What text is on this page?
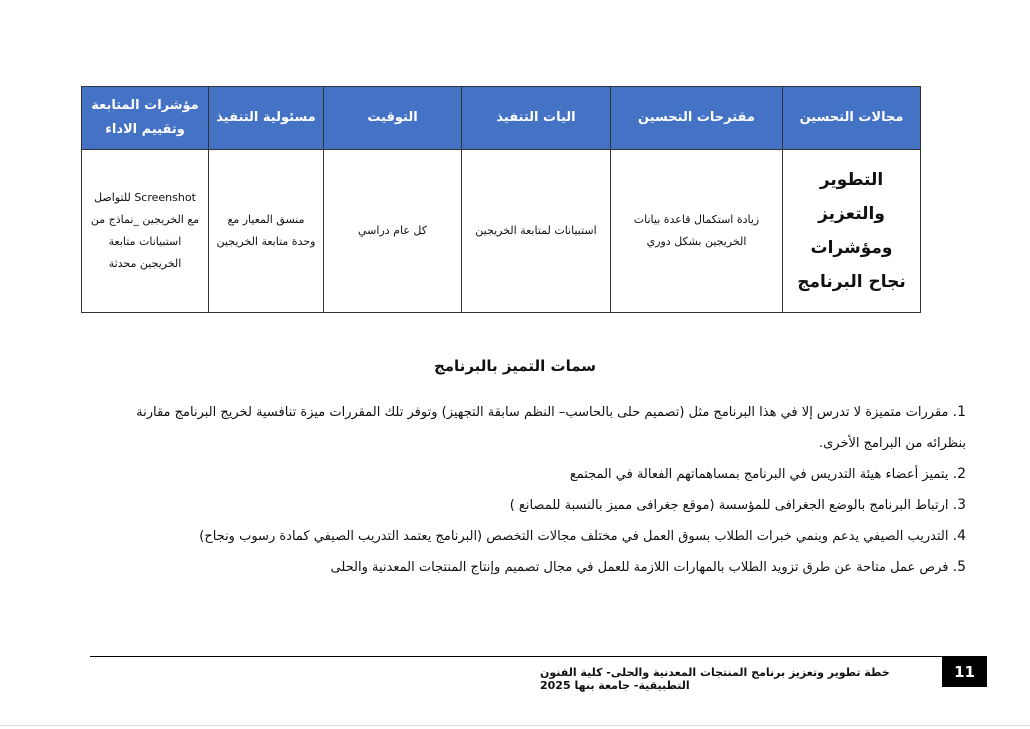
مجالات التحسين	مقترحات التحسين	اليات التنفيذ	التوقيت	مسئولية التنفيذ	مؤشرات المتابعة وتقييم الاداء
التطوير والتعزيز ومؤشرات نجاح البرنامج	زيادة استكمال قاعدة بيانات الخريجين بشكل دوري	استبيانات لمتابعة الخريجين	كل عام دراسي	منسق المعيار مع وحدة متابعة الخريجين	Screenshot للتواصل مع الخريجين _نماذج من استبيانات متابعة الخريجين محدثة
سمات التميز بالبرنامج
1. مقررات متميزة لا تدرس إلا في هذا البرنامج مثل (تصميم حلى بالحاسب– النظم سابقة التجهيز) وتوفر تلك المقررات ميزة تنافسية لخريج البرنامج مقارنة بنظرائه من البرامج الأخرى.
2. يتميز أعضاء هيئة التدريس في البرنامج بمساهماتهم الفعالة في المجتمع
3. ارتباط البرنامج بالوضع الجغرافى للمؤسسة (موقع جغرافى مميز بالنسبة للمصانع )
4. التدريب الصيفي يدعم وينمي خبرات الطلاب بسوق العمل في مختلف مجالات التخصص (البرنامج يعتمد التدريب الصيفي كمادة رسوب ونجاح)
5. فرص عمل متاحة عن طرق تزويد الطلاب بالمهارات اللازمة للعمل في مجال تصميم وإنتاج المنتجات المعدنية والحلى
خطة تطوير وتعزيز برنامج المنتجات المعدنية والحلى- كلية الفنون التطبيقية- جامعة بنها 2025
11
